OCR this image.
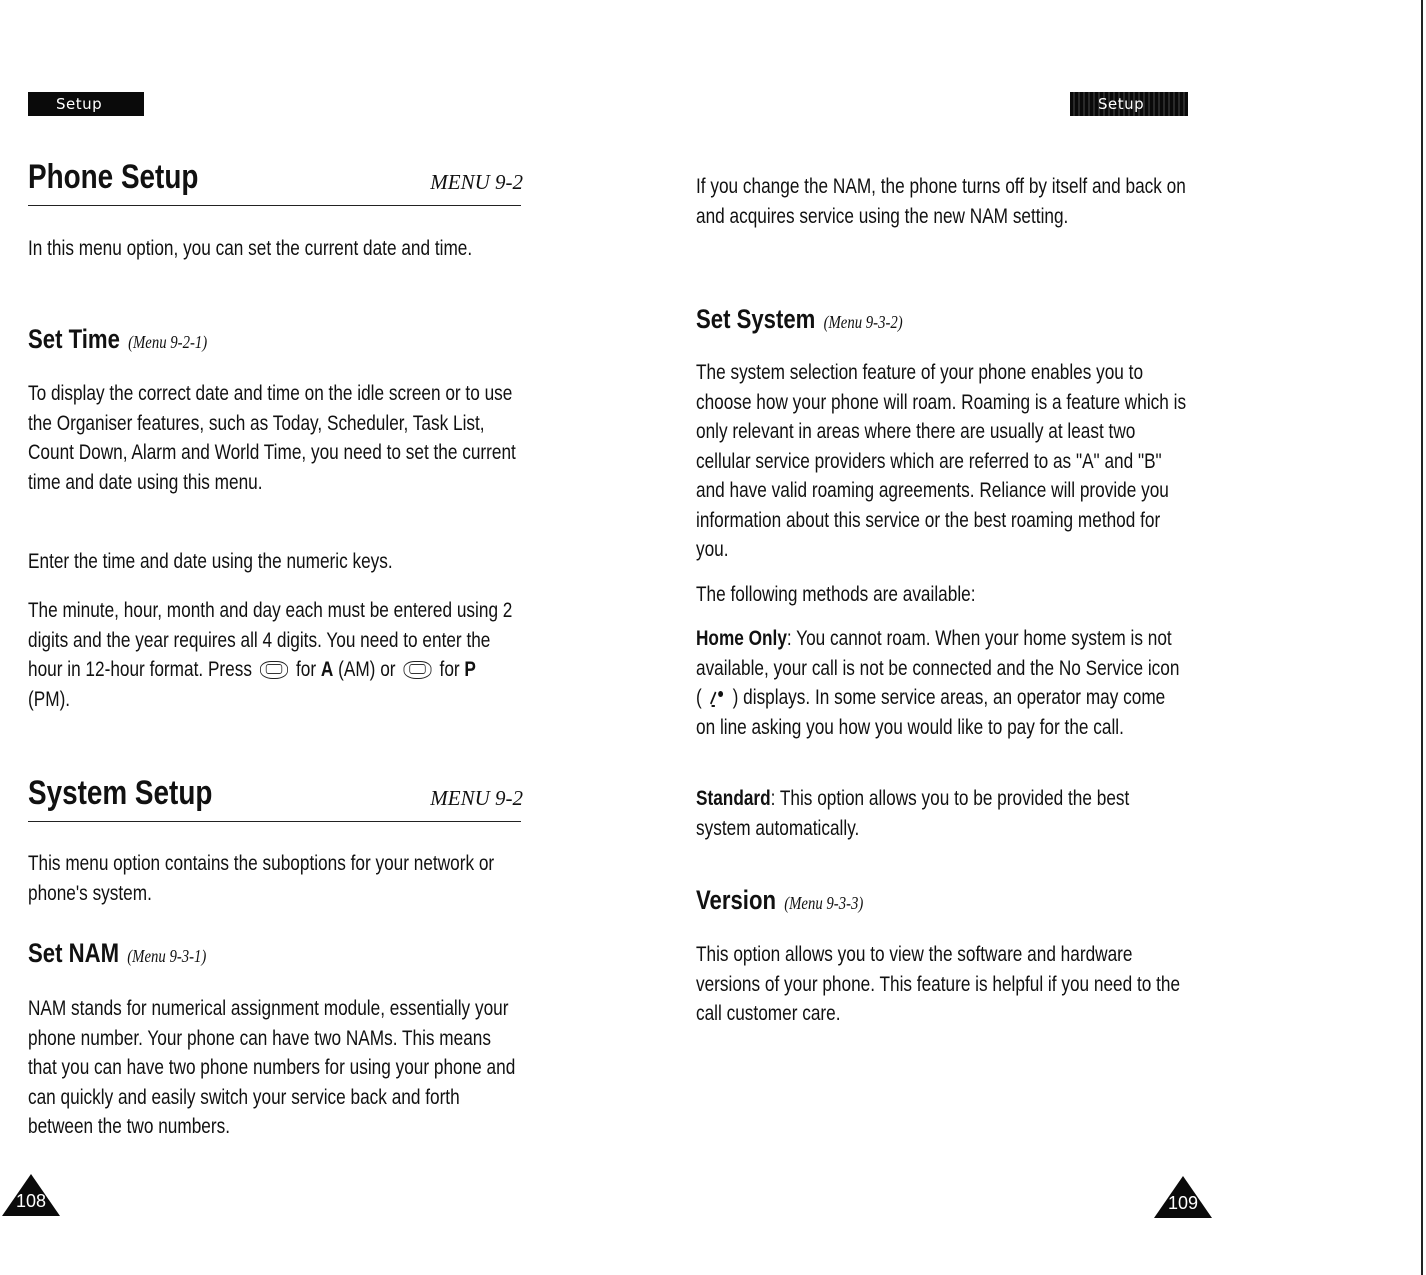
Setup
Phone Setup	MENU 9-2
In this menu option, you can set the current date and time.
Set Time (Menu 9-2-1)
To display the correct date and time on the idle screen or to use the Organiser features, such as Today, Scheduler, Task List, Count Down, Alarm and World Time, you need to set the current time and date using this menu.
Enter the time and date using the numeric keys.
The minute, hour, month and day each must be entered using 2 digits and the year requires all 4 digits. You need to enter the hour in 12-hour format. Press for A (AM) or for P (PM).
System Setup	MENU 9-2
This menu option contains the suboptions for your network or phone's system.
Set NAM (Menu 9-3-1)
NAM stands for numerical assignment module, essentially your phone number. Your phone can have two NAMs. This means that you can have two phone numbers for using your phone and can quickly and easily switch your service back and forth between the two numbers.
108
Setup
If you change the NAM, the phone turns off by itself and back on and acquires service using the new NAM setting.
Set System (Menu 9-3-2)
The system selection feature of your phone enables you to choose how your phone will roam. Roaming is a feature which is only relevant in areas where there are usually at least two cellular service providers which are referred to as "A" and "B" and have valid roaming agreements. Reliance will provide you information about this service or the best roaming method for you.
The following methods are available:
Home Only: You cannot roam. When your home system is not available, your call is not be connected and the No Service icon ( ) displays. In some service areas, an operator may come on line asking you how you would like to pay for the call.
Standard: This option allows you to be provided the best system automatically.
Version (Menu 9-3-3)
This option allows you to view the software and hardware versions of your phone. This feature is helpful if you need to the call customer care.
109
